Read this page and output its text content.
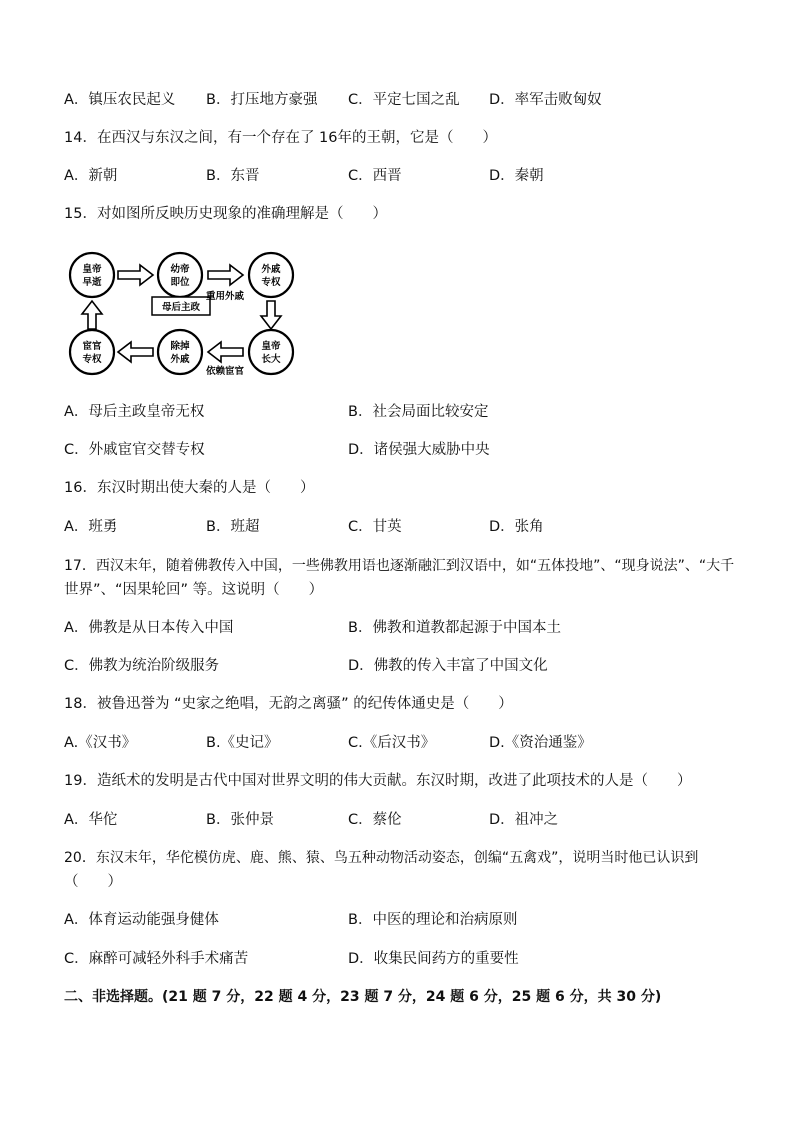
A．镇压农民起义 B．打压地方豪强 C．平定七国之乱 D．率军击败匈奴
14．在西汉与东汉之间，有一个存在了 16年的王朝，它是（　　）
A．新朝	B．东晋	C．西晋	D．秦朝
15．对如图所反映历史现象的准确理解是（　　）
皇帝
早逝
幼帝
即位
外戚
专权
皇帝
长大
除掉
外戚
宦官
专权
母后主政
重用外戚
依赖宦官
A．母后主政皇帝无权	B．社会局面比较安定
C．外戚宦官交替专权	D．诸侯强大威胁中央
16．东汉时期出使大秦的人是（　　）
A．班勇	B．班超	C．甘英	D．张角
17．西汉末年，随着佛教传入中国，一些佛教用语也逐渐融汇到汉语中，如“五体投地”、“现身说法”、“大千
世界”、“因果轮回” 等。这说明（　　）
A．佛教是从日本传入中国	B．佛教和道教都起源于中国本土
C．佛教为统治阶级服务	D．佛教的传入丰富了中国文化
18．被鲁迅誉为 “史家之绝唱，无韵之离骚” 的纪传体通史是（　　）
A.《汉书》	B.《史记》	C.《后汉书》	D.《资治通鉴》
19．造纸术的发明是古代中国对世界文明的伟大贡献。东汉时期，改进了此项技术的人是（　　）
A．华佗	B．张仲景	C．蔡伦	D．祖冲之
20．东汉末年，华佗模仿虎、鹿、熊、猿、鸟五种动物活动姿态，创编“五禽戏”，说明当时他已认识到
（　　）
A．体育运动能强身健体	B．中医的理论和治病原则
C．麻醉可减轻外科手术痛苦	D．收集民间药方的重要性
二、非选择题。(21 题 7 分，22 题 4 分，23 题 7 分，24 题 6 分，25 题 6 分，共 30 分)
